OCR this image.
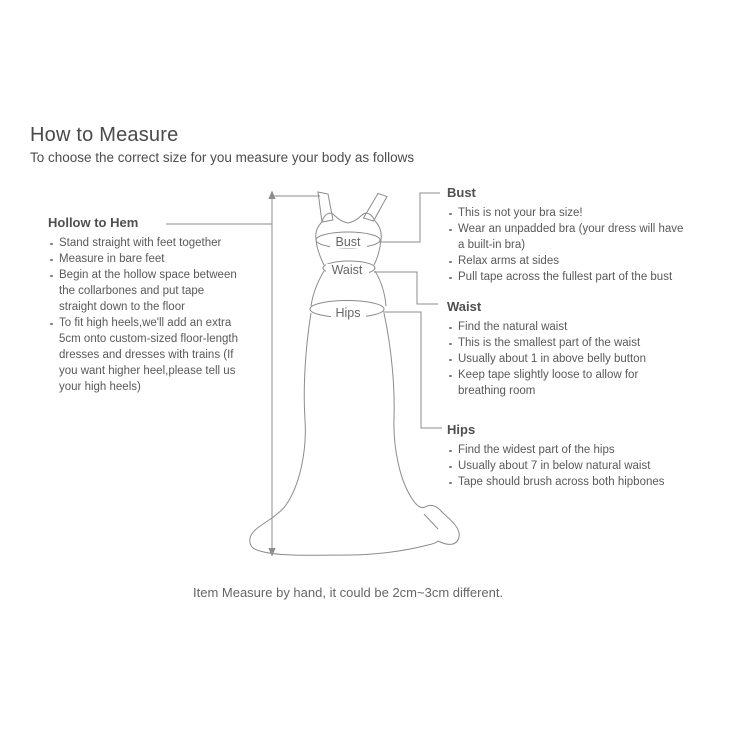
Bust
Waist
Hips
How to Measure

To choose the correct size for you measure your body as follows

Hollow to Hem
Stand straight with feet together
Measure in bare feet
Begin at the hollow space between the collarbones and put tape straight down to the floor
To fit high heels,we'll add an extra 5cm onto custom-sized floor-length dresses and dresses with trains (If you want higher heel,please tell us your high heels)
Bust
This is not your bra size!
Wear an unpadded bra (your dress will have a built-in bra)
Relax arms at sides
Pull tape across the fullest part of the bust
Waist
Find the natural waist
This is the smallest part of the waist
Usually about 1 in above belly button
Keep tape slightly loose to allow for breathing room
Hips
Find the widest part of the hips
Usually about 7 in below natural waist
Tape should brush across both hipbones

Item Measure by hand, it could be 2cm~3cm different.
